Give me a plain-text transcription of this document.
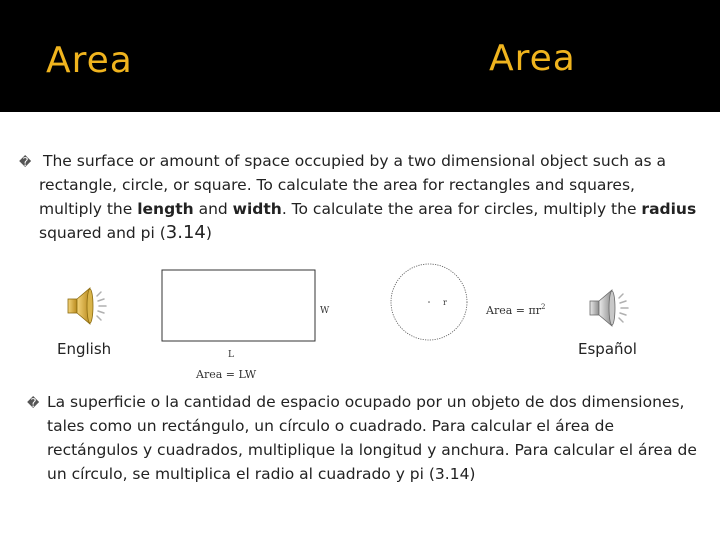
Area	Area
� The surface or amount of space occupied by a two dimensional object such as a rectangle, circle, or square. To calculate the area for rectangles and squares, multiply the length and width. To calculate the area for circles, multiply the radius squared and pi (3.14)
English	Español
W
L
Area = LW
r
Area = $\pi r^2$
� La superficie o la cantidad de espacio ocupado por un objeto de dos dimensiones, tales como un rectángulo, un círculo o cuadrado. Para calcular el área de rectángulos y cuadrados, multiplique la longitud y anchura. Para calcular el área de un círculo, se multiplica el radio al cuadrado y pi (3.14)
